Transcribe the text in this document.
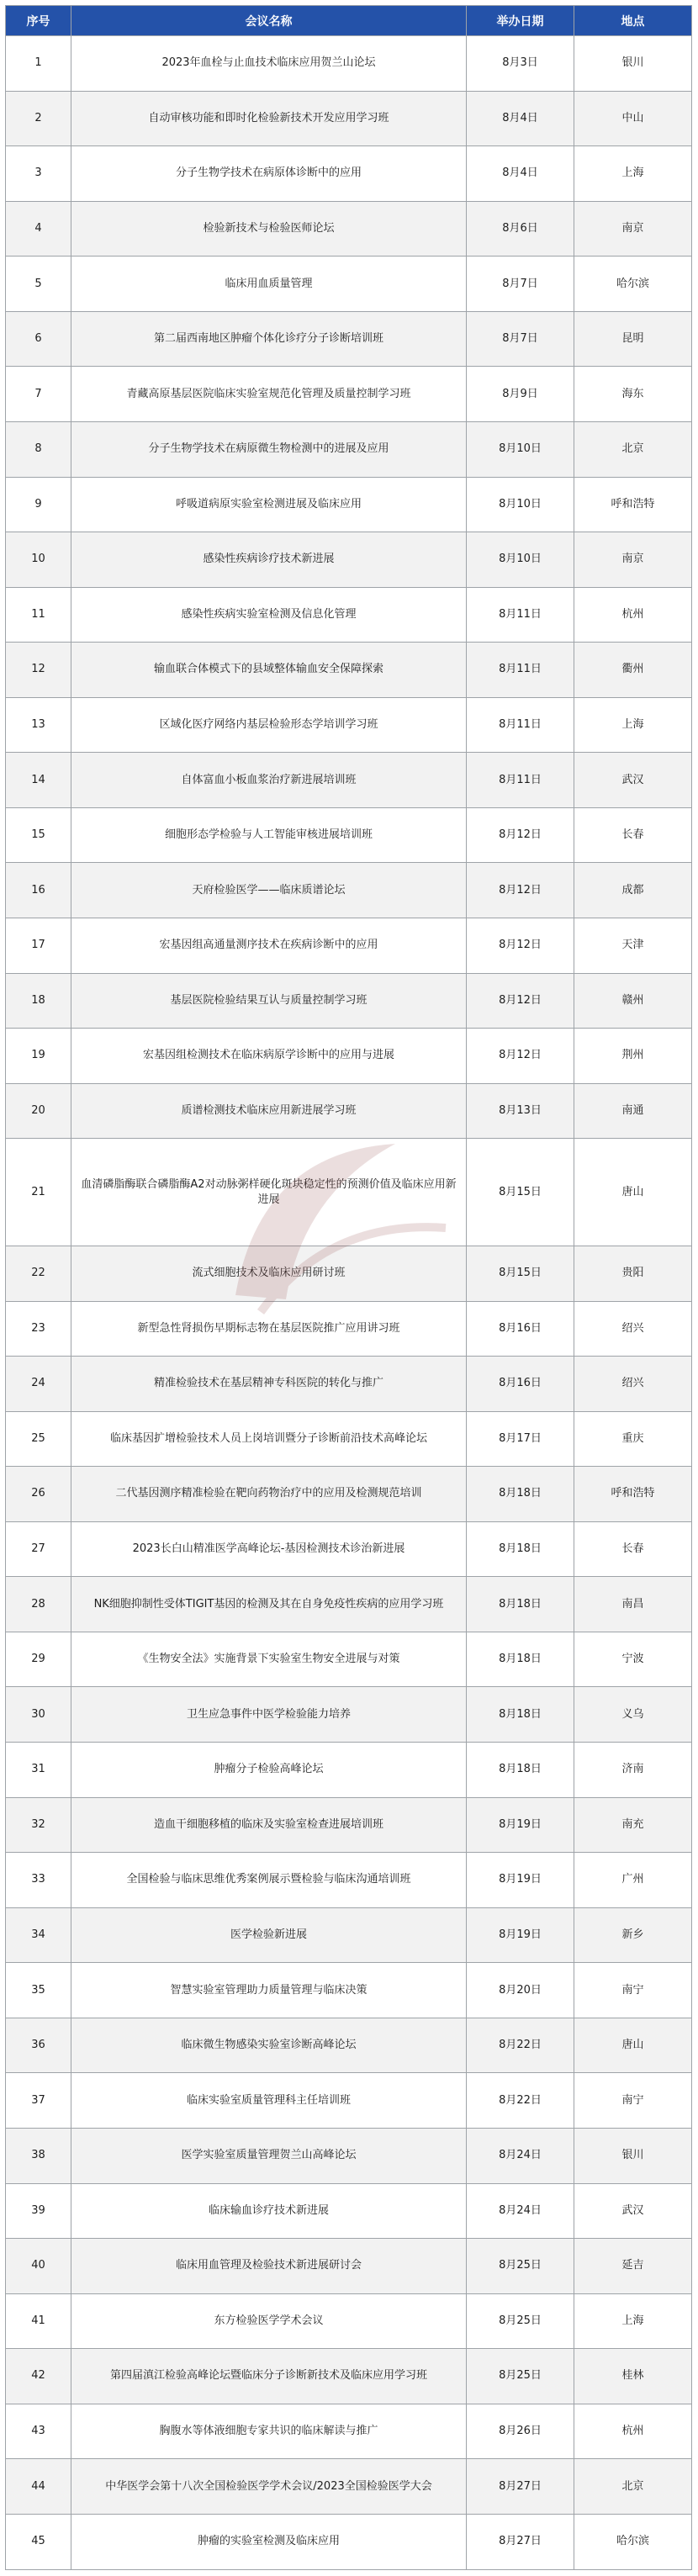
序号	会议名称	举办日期	地点
1	2023年血栓与止血技术临床应用贺兰山论坛	8月3日	银川
2	自动审核功能和即时化检验新技术开发应用学习班	8月4日	中山
3	分子生物学技术在病原体诊断中的应用	8月4日	上海
4	检验新技术与检验医师论坛	8月6日	南京
5	临床用血质量管理	8月7日	哈尔滨
6	第二届西南地区肿瘤个体化诊疗分子诊断培训班	8月7日	昆明
7	青藏高原基层医院临床实验室规范化管理及质量控制学习班	8月9日	海东
8	分子生物学技术在病原微生物检测中的进展及应用	8月10日	北京
9	呼吸道病原实验室检测进展及临床应用	8月10日	呼和浩特
10	感染性疾病诊疗技术新进展	8月10日	南京
11	感染性疾病实验室检测及信息化管理	8月11日	杭州
12	输血联合体模式下的县域整体输血安全保障探索	8月11日	衢州
13	区域化医疗网络内基层检验形态学培训学习班	8月11日	上海
14	自体富血小板血浆治疗新进展培训班	8月11日	武汉
15	细胞形态学检验与人工智能审核进展培训班	8月12日	长春
16	天府检验医学——临床质谱论坛	8月12日	成都
17	宏基因组高通量测序技术在疾病诊断中的应用	8月12日	天津
18	基层医院检验结果互认与质量控制学习班	8月12日	赣州
19	宏基因组检测技术在临床病原学诊断中的应用与进展	8月12日	荆州
20	质谱检测技术临床应用新进展学习班	8月13日	南通
21	血清磷脂酶联合磷脂酶A2对动脉粥样硬化斑块稳定性的预测价值及临床应用新进展	8月15日	唐山
22	流式细胞技术及临床应用研讨班	8月15日	贵阳
23	新型急性肾损伤早期标志物在基层医院推广应用讲习班	8月16日	绍兴
24	精准检验技术在基层精神专科医院的转化与推广	8月16日	绍兴
25	临床基因扩增检验技术人员上岗培训暨分子诊断前沿技术高峰论坛	8月17日	重庆
26	二代基因测序精准检验在靶向药物治疗中的应用及检测规范培训	8月18日	呼和浩特
27	2023长白山精准医学高峰论坛-基因检测技术诊治新进展	8月18日	长春
28	NK细胞抑制性受体TIGIT基因的检测及其在自身免疫性疾病的应用学习班	8月18日	南昌
29	《生物安全法》实施背景下实验室生物安全进展与对策	8月18日	宁波
30	卫生应急事件中医学检验能力培养	8月18日	义乌
31	肿瘤分子检验高峰论坛	8月18日	济南
32	造血干细胞移植的临床及实验室检查进展培训班	8月19日	南充
33	全国检验与临床思维优秀案例展示暨检验与临床沟通培训班	8月19日	广州
34	医学检验新进展	8月19日	新乡
35	智慧实验室管理助力质量管理与临床决策	8月20日	南宁
36	临床微生物感染实验室诊断高峰论坛	8月22日	唐山
37	临床实验室质量管理科主任培训班	8月22日	南宁
38	医学实验室质量管理贺兰山高峰论坛	8月24日	银川
39	临床输血诊疗技术新进展	8月24日	武汉
40	临床用血管理及检验技术新进展研讨会	8月25日	延吉
41	东方检验医学学术会议	8月25日	上海
42	第四届滇江检验高峰论坛暨临床分子诊断新技术及临床应用学习班	8月25日	桂林
43	胸腹水等体液细胞专家共识的临床解读与推广	8月26日	杭州
44	中华医学会第十八次全国检验医学学术会议/2023全国检验医学大会	8月27日	北京
45	肿瘤的实验室检测及临床应用	8月27日	哈尔滨
